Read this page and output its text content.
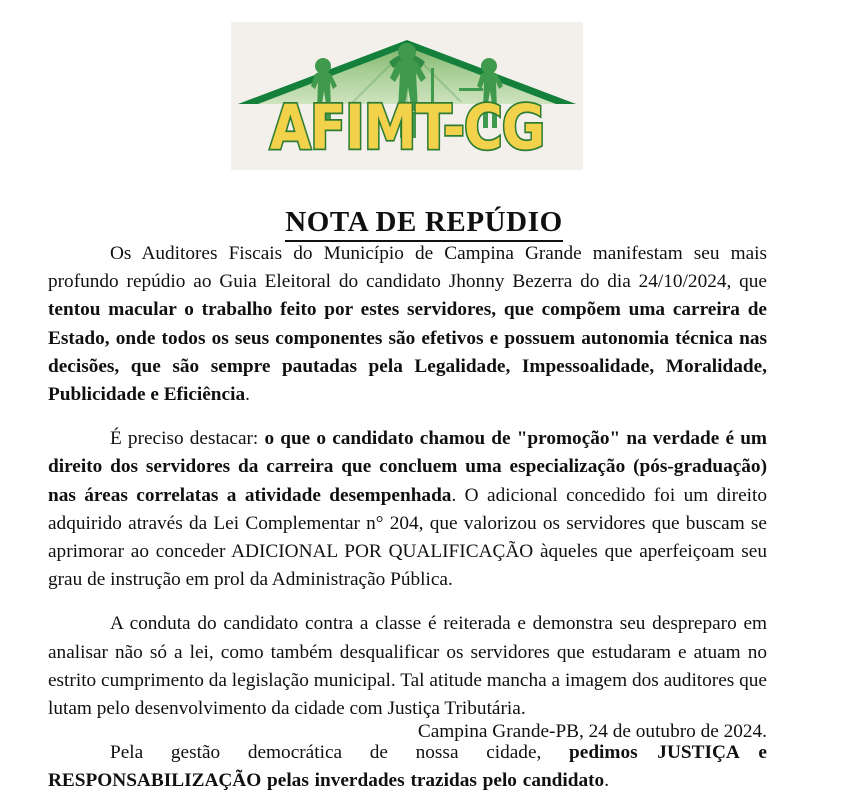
AFIMT-CG
NOTA DE REPÚDIO

Os Auditores Fiscais do Município de Campina Grande manifestam seu mais profundo repúdio ao Guia Eleitoral do candidato Jhonny Bezerra do dia 24/10/2024, que tentou macular o trabalho feito por estes servidores, que compõem uma carreira de Estado, onde todos os seus componentes são efetivos e possuem autonomia técnica nas decisões, que são sempre pautadas pela Legalidade, Impessoalidade, Moralidade, Publicidade e Eficiência.

É preciso destacar: o que o candidato chamou de "promoção" na verdade é um direito dos servidores da carreira que concluem uma especialização (pós-graduação) nas áreas correlatas a atividade desempenhada. O adicional concedido foi um direito adquirido através da Lei Complementar n° 204, que valorizou os servidores que buscam se aprimorar ao conceder ADICIONAL POR QUALIFICAÇÃO àqueles que aperfeiçoam seu grau de instrução em prol da Administração Pública.

A conduta do candidato contra a classe é reiterada e demonstra seu despreparo em analisar não só a lei, como também desqualificar os servidores que estudaram e atuam no estrito cumprimento da legislação municipal. Tal atitude mancha a imagem dos auditores que lutam pelo desenvolvimento da cidade com Justiça Tributária.

Pela gestão democrática de nossa cidade, pedimos JUSTIÇA e RESPONSABILIZAÇÃO pelas inverdades trazidas pelo candidato.

Campina Grande-PB, 24 de outubro de 2024.
